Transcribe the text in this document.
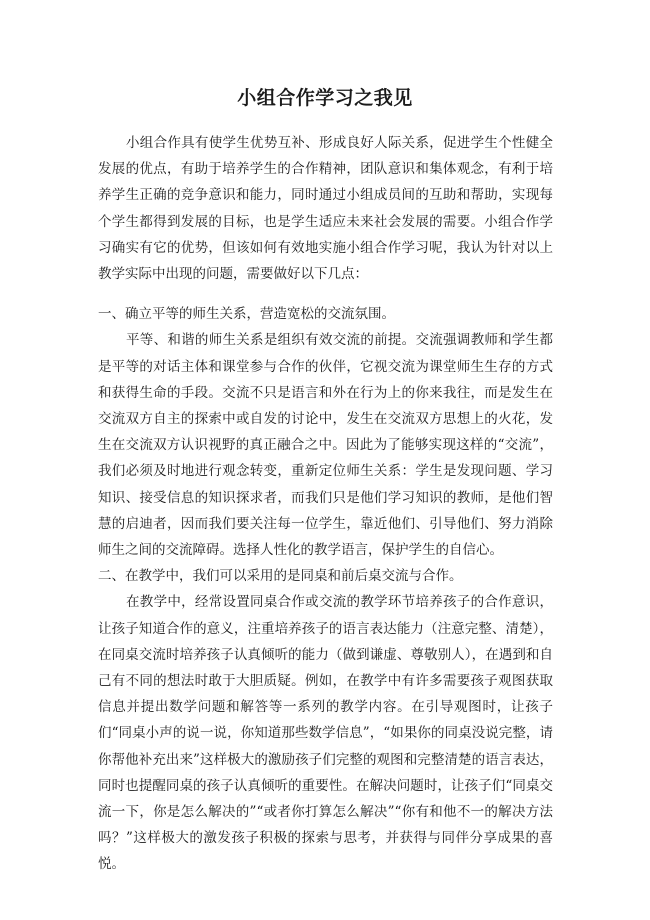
小组合作学习之我见

小组合作具有使学生优势互补、形成良好人际关系，促进学生个性健全发展的优点，有助于培养学生的合作精神，团队意识和集体观念，有利于培养学生正确的竞争意识和能力，同时通过小组成员间的互助和帮助，实现每个学生都得到发展的目标，也是学生适应未来社会发展的需要。小组合作学习确实有它的优势，但该如何有效地实施小组合作学习呢，我认为针对以上教学实际中出现的问题，需要做好以下几点：

一、确立平等的师生关系，营造宽松的交流氛围。

平等、和谐的师生关系是组织有效交流的前提。交流强调教师和学生都是平等的对话主体和课堂参与合作的伙伴，它视交流为课堂师生生存的方式和获得生命的手段。交流不只是语言和外在行为上的你来我往，而是发生在交流双方自主的探索中或自发的讨论中，发生在交流双方思想上的火花，发生在交流双方认识视野的真正融合之中。因此为了能够实现这样的“交流”，我们必须及时地进行观念转变，重新定位师生关系：学生是发现问题、学习知识、接受信息的知识探求者，而我们只是他们学习知识的教师，是他们智慧的启迪者，因而我们要关注每一位学生，靠近他们、引导他们、努力消除师生之间的交流障碍。选择人性化的教学语言，保护学生的自信心。

二、在教学中，我们可以采用的是同桌和前后桌交流与合作。

在教学中，经常设置同桌合作或交流的教学环节培养孩子的合作意识，让孩子知道合作的意义，注重培养孩子的语言表达能力（注意完整、清楚），在同桌交流时培养孩子认真倾听的能力（做到谦虚、尊敬别人），在遇到和自己有不同的想法时敢于大胆质疑。例如，在教学中有许多需要孩子观图获取信息并提出数学问题和解答等一系列的教学内容。在引导观图时，让孩子们“同桌小声的说一说，你知道那些数学信息”，“如果你的同桌没说完整，请你帮他补充出来”这样极大的激励孩子们完整的观图和完整清楚的语言表达，同时也提醒同桌的孩子认真倾听的重要性。在解决问题时，让孩子们“同桌交流一下，你是怎么解决的”“或者你打算怎么解决”“你有和他不一的解决方法吗？”这样极大的激发孩子积极的探索与思考，并获得与同伴分享成果的喜悦。
